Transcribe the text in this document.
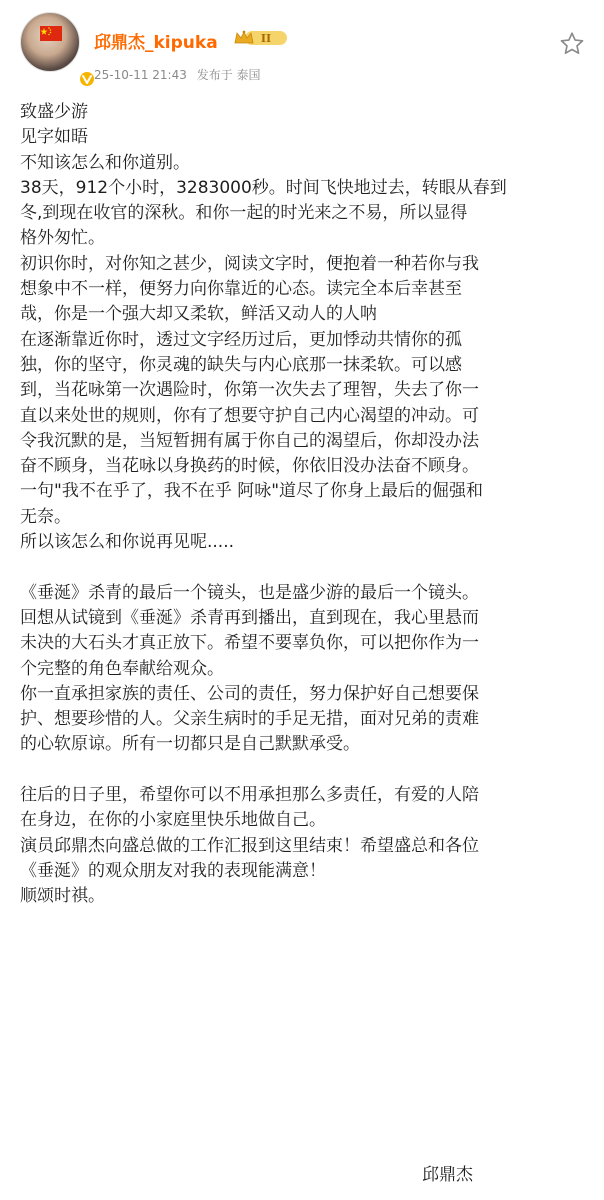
邱鼎杰_kipuka	II
25-10-11 21:43 发布于 泰国
致盛少游
见字如晤
不知该怎么和你道别。
38天，912个小时，3283000秒。时间飞快地过去，转眼从春到
冬,到现在收官的深秋。和你一起的时光来之不易，所以显得
格外匆忙。
初识你时，对你知之甚少，阅读文字时，便抱着一种若你与我
想象中不一样，便努力向你靠近的心态。读完全本后幸甚至
哉，你是一个强大却又柔软，鲜活又动人的人呐
在逐渐靠近你时，透过文字经历过后，更加悸动共情你的孤
独，你的坚守，你灵魂的缺失与内心底那一抹柔软。可以感
到，当花咏第一次遇险时，你第一次失去了理智，失去了你一
直以来处世的规则，你有了想要守护自己内心渴望的冲动。可
令我沉默的是，当短暂拥有属于你自己的渴望后，你却没办法
奋不顾身，当花咏以身换药的时候，你依旧没办法奋不顾身。
一句"我不在乎了，我不在乎 阿咏"道尽了你身上最后的倔强和
无奈。
所以该怎么和你说再见呢.....
《垂涎》杀青的最后一个镜头，也是盛少游的最后一个镜头。
回想从试镜到《垂涎》杀青再到播出，直到现在，我心里悬而
未决的大石头才真正放下。希望不要辜负你，可以把你作为一
个完整的角色奉献给观众。
你一直承担家族的责任、公司的责任，努力保护好自己想要保
护、想要珍惜的人。父亲生病时的手足无措，面对兄弟的责难
的心软原谅。所有一切都只是自己默默承受。
往后的日子里，希望你可以不用承担那么多责任，有爱的人陪
在身边，在你的小家庭里快乐地做自己。
演员邱鼎杰向盛总做的工作汇报到这里结束！希望盛总和各位
《垂涎》的观众朋友对我的表现能满意！
顺颂时祺。
邱鼎杰
